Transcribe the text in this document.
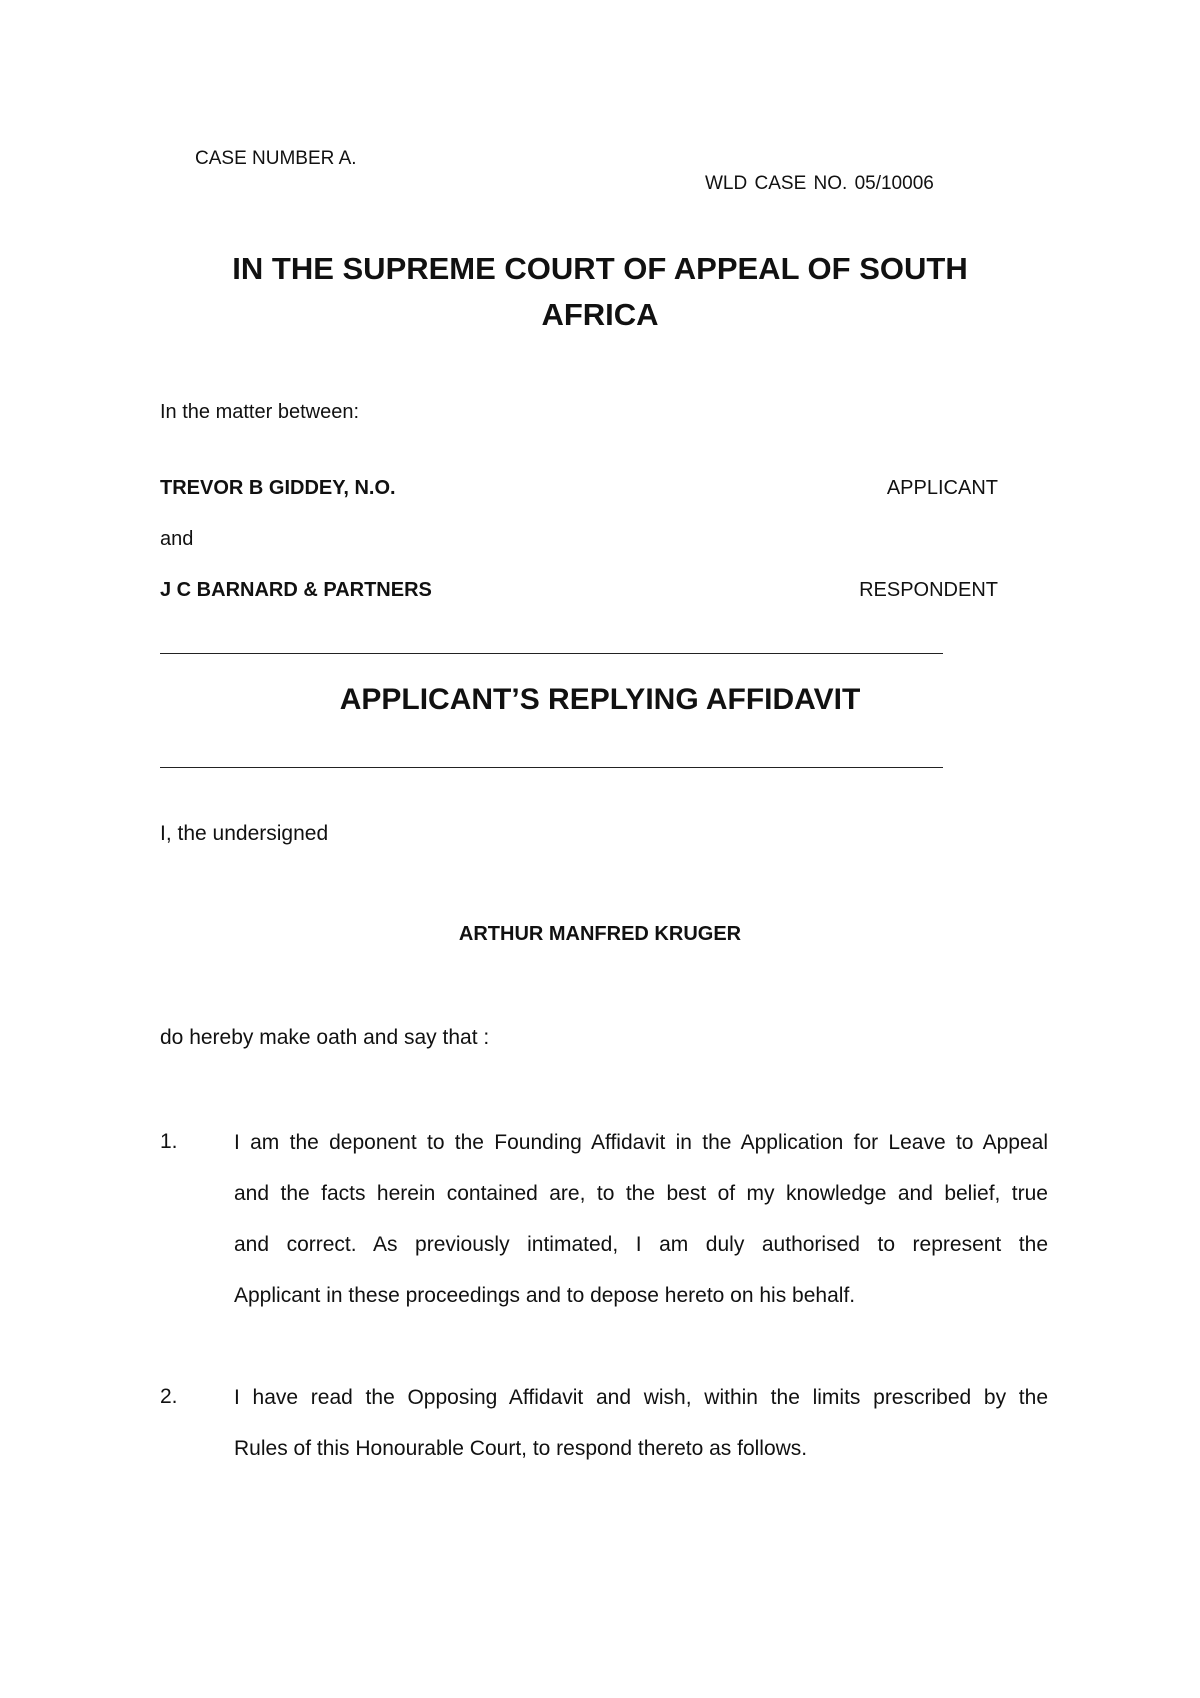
CASE NUMBER A.
WLD CASE NO. 05/10006
IN THE SUPREME COURT OF APPEAL OF SOUTH
AFRICA
In the matter between:
TREVOR B GIDDEY, N.O.	APPLICANT
and
J C BARNARD & PARTNERS	RESPONDENT
APPLICANT’S REPLYING AFFIDAVIT
I, the undersigned
ARTHUR MANFRED KRUGER
do hereby make oath and say that :
1.	I am the deponent to the Founding Affidavit in the Application for Leave to Appeal
and the facts herein contained are, to the best of my knowledge and belief, true
and correct. As previously intimated, I am duly authorised to represent the
Applicant in these proceedings and to depose hereto on his behalf.
2.	I have read the Opposing Affidavit and wish, within the limits prescribed by the
Rules of this Honourable Court, to respond thereto as follows.
